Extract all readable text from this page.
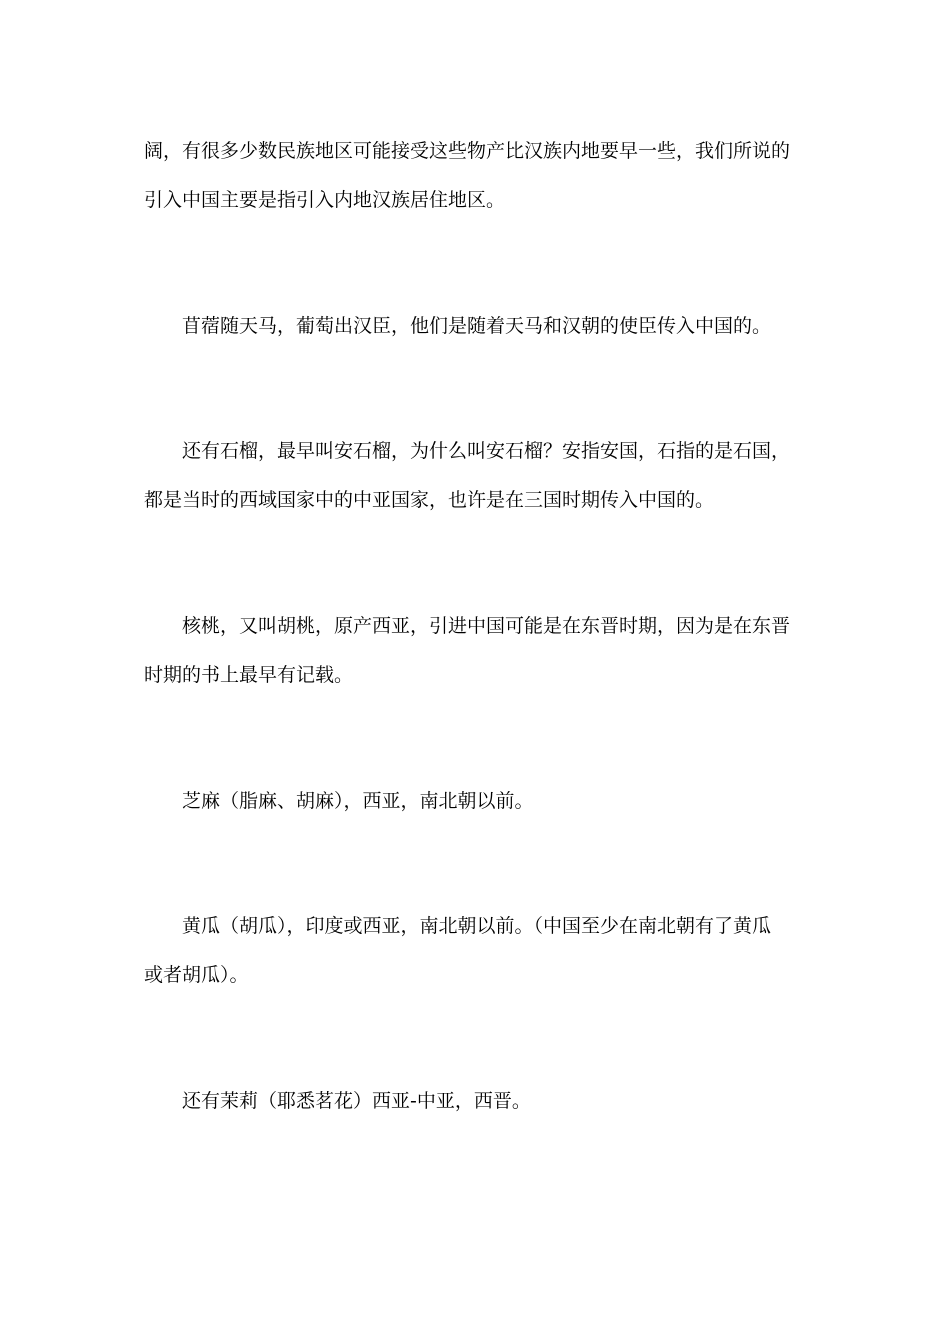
阔，有很多少数民族地区可能接受这些物产比汉族内地要早一些，我们所说的

引入中国主要是指引入内地汉族居住地区。

苜蓿随天马，葡萄出汉臣，他们是随着天马和汉朝的使臣传入中国的。

还有石榴，最早叫安石榴，为什么叫安石榴？安指安国，石指的是石国，

都是当时的西域国家中的中亚国家，也许是在三国时期传入中国的。

核桃，又叫胡桃，原产西亚，引进中国可能是在东晋时期，因为是在东晋

时期的书上最早有记载。

芝麻（脂麻、胡麻），西亚，南北朝以前。

黄瓜（胡瓜），印度或西亚，南北朝以前。（中国至少在南北朝有了黄瓜

或者胡瓜）。

还有茉莉（耶悉茗花）西亚-中亚，西晋。
